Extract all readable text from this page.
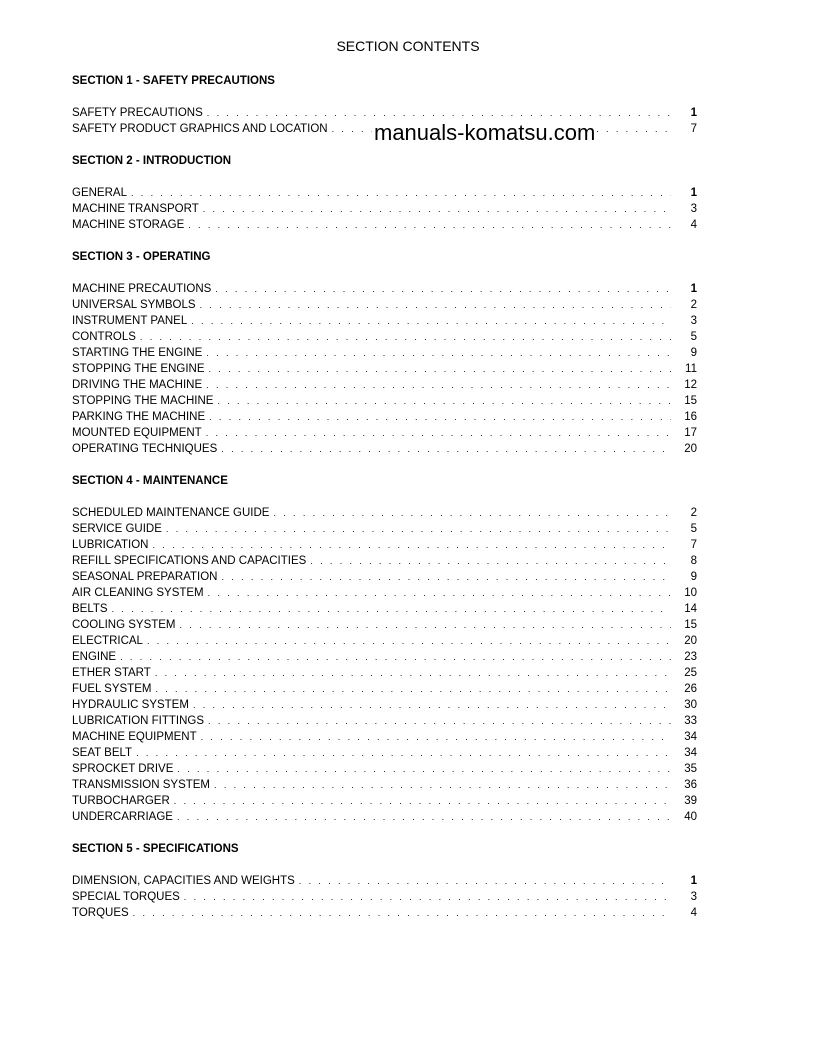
SECTION CONTENTS
SECTION 1 - SAFETY PRECAUTIONS
SAFETY PRECAUTIONS . . .	1
SAFETY PRODUCT GRAPHICS AND LOCATION . . .	7
SECTION 2 - INTRODUCTION
GENERAL . . .	1
MACHINE TRANSPORT . . .	3
MACHINE STORAGE . . .	4
SECTION 3 - OPERATING
MACHINE PRECAUTIONS . . .	1
UNIVERSAL SYMBOLS . . .	2
INSTRUMENT PANEL . . .	3
CONTROLS . . .	5
STARTING THE ENGINE . . .	9
STOPPING THE ENGINE . . .	11
DRIVING THE MACHINE . . .	12
STOPPING THE MACHINE . . .	15
PARKING THE MACHINE . . .	16
MOUNTED EQUIPMENT . . .	17
OPERATING TECHNIQUES . . .	20
SECTION 4 - MAINTENANCE
SCHEDULED MAINTENANCE GUIDE . . .	2
SERVICE GUIDE . . .	5
LUBRICATION . . .	7
REFILL SPECIFICATIONS AND CAPACITIES . . .	8
SEASONAL PREPARATION . . .	9
AIR CLEANING SYSTEM . . .	10
BELTS . . .	14
COOLING SYSTEM . . .	15
ELECTRICAL . . .	20
ENGINE . . .	23
ETHER START . . .	25
FUEL SYSTEM . . .	26
HYDRAULIC SYSTEM . . .	30
LUBRICATION FITTINGS . . .	33
MACHINE EQUIPMENT . . .	34
SEAT BELT . . .	34
SPROCKET DRIVE . . .	35
TRANSMISSION SYSTEM . . .	36
TURBOCHARGER . . .	39
UNDERCARRIAGE . . .	40
SECTION 5 - SPECIFICATIONS
DIMENSION, CAPACITIES AND WEIGHTS . . .	1
SPECIAL TORQUES . . .	3
TORQUES . . .	4
manuals-komatsu.com
